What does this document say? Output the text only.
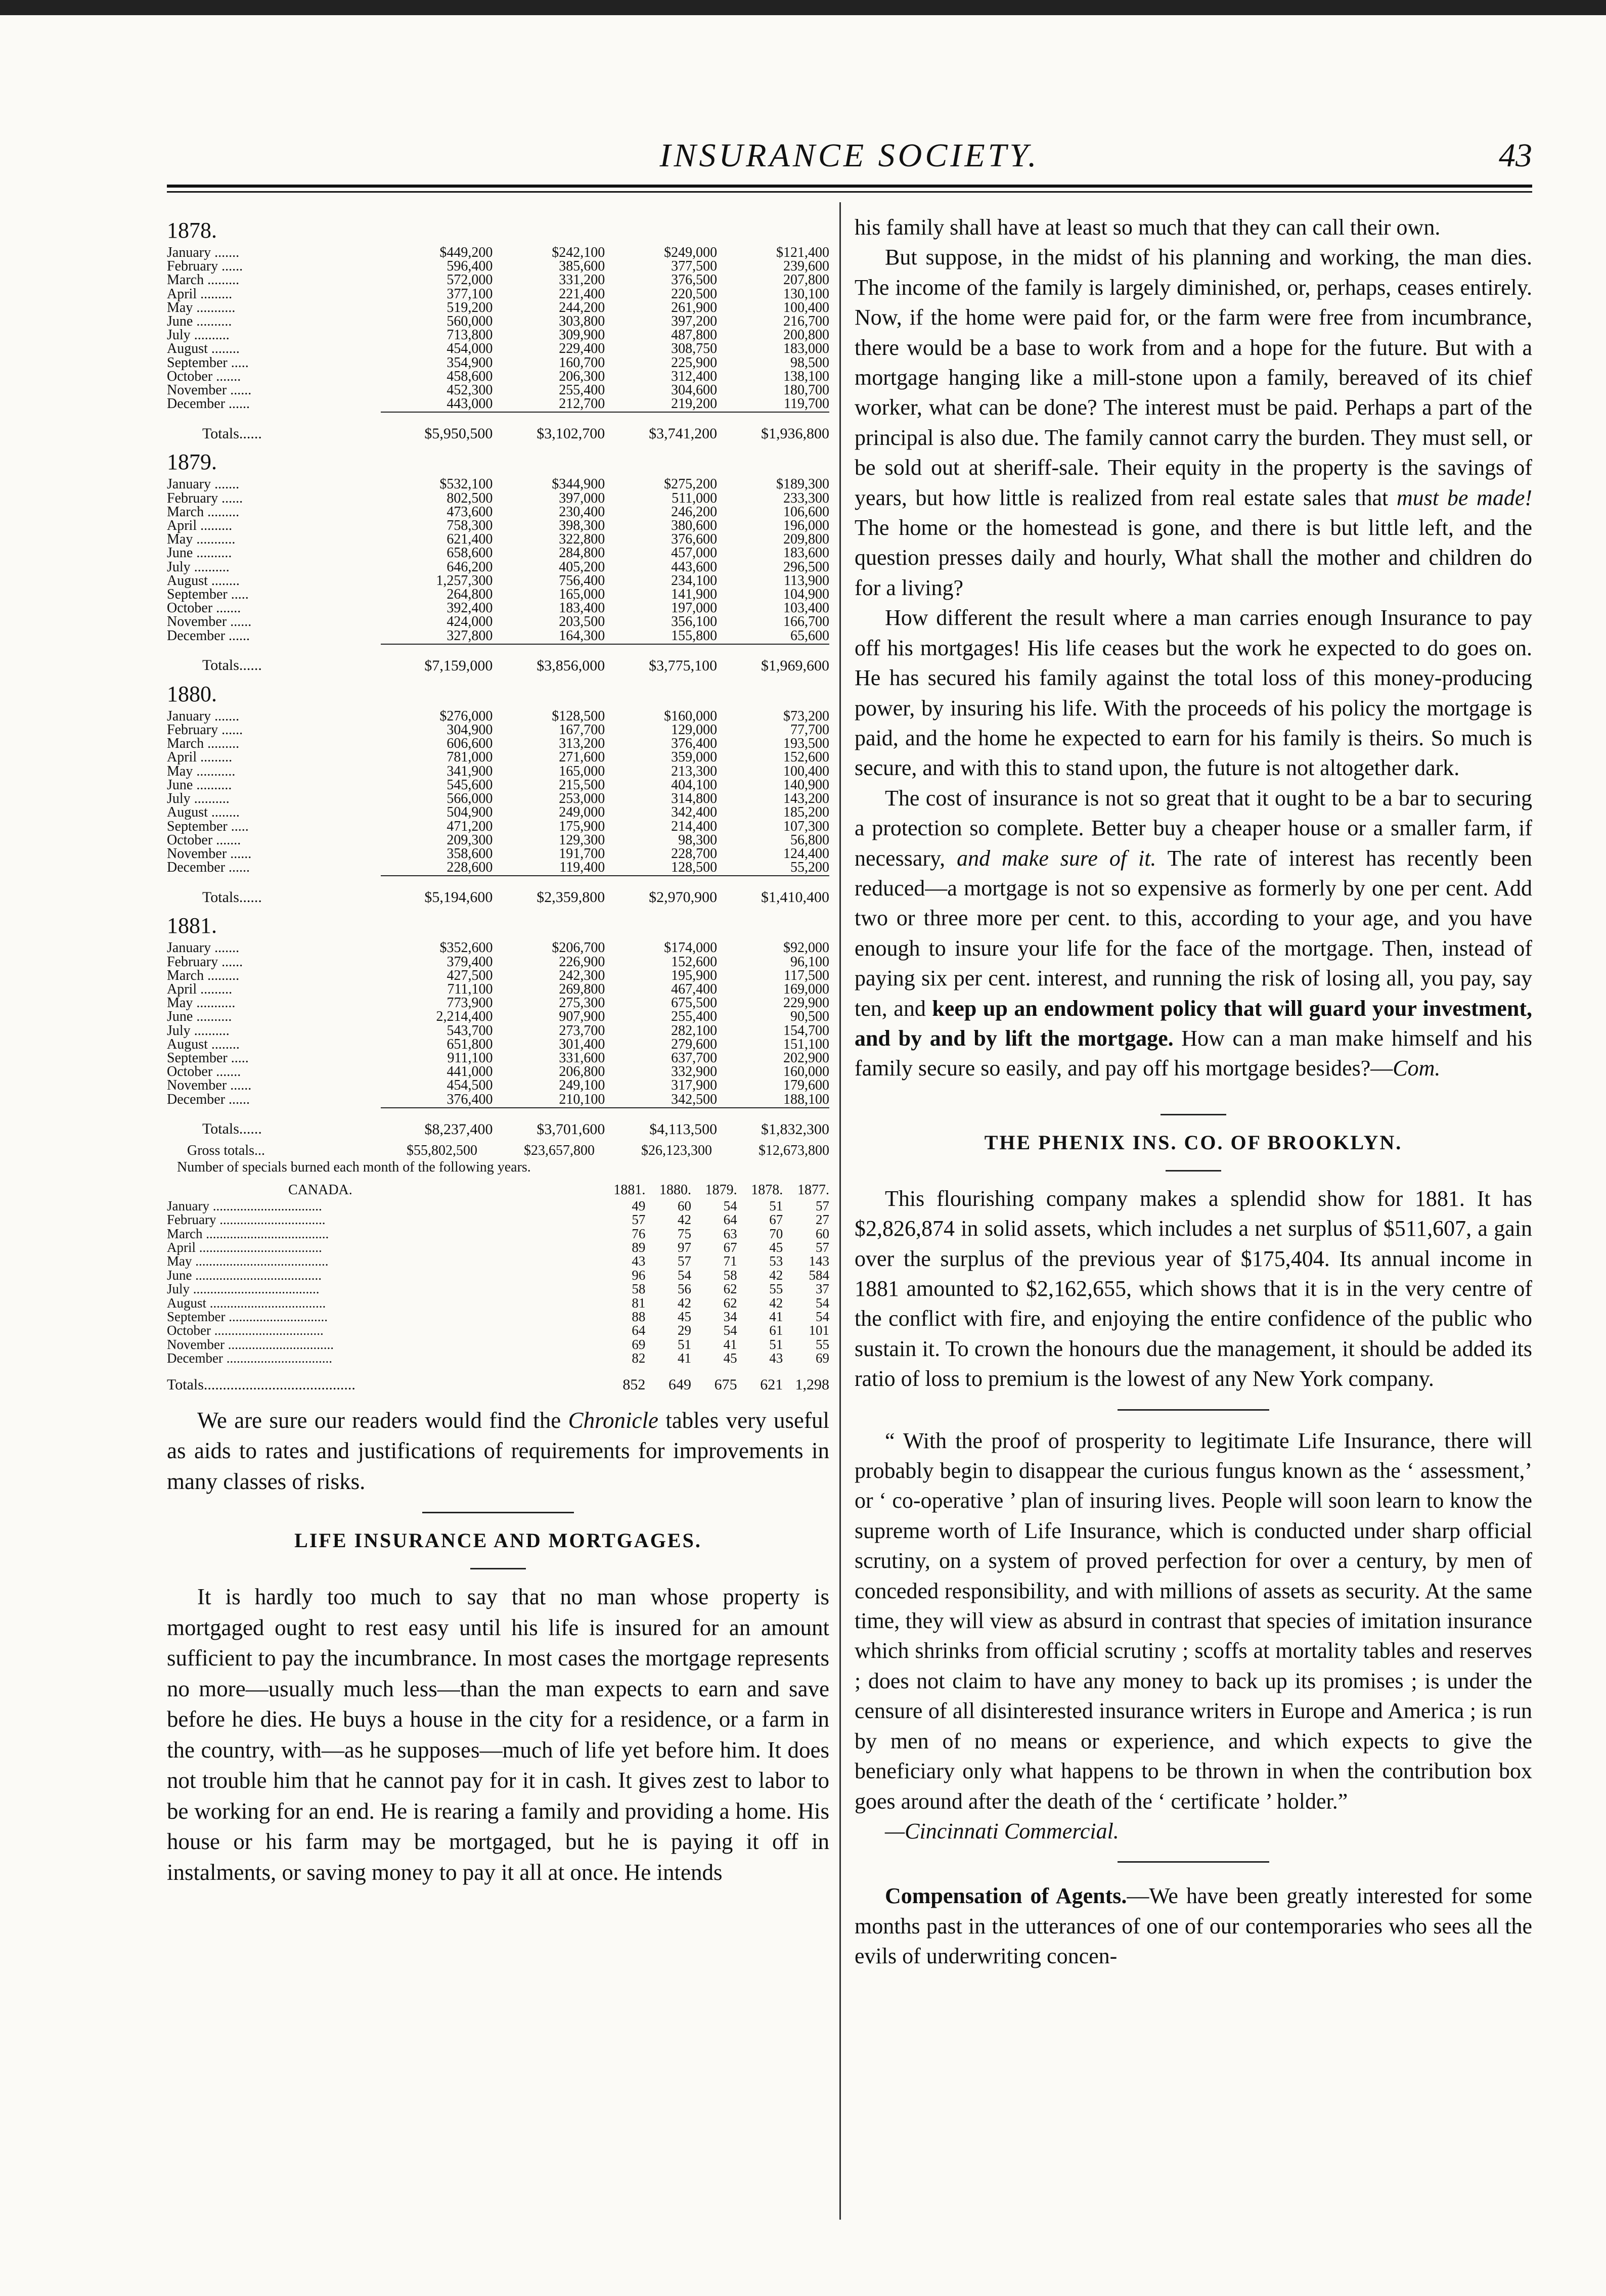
INSURANCE SOCIETY.	43
1878.
January .......	$449,200	$242,100	$249,000	$121,400
February ......	596,400	385,600	377,500	239,600
March .........	572,000	331,200	376,500	207,800
April .........	377,100	221,400	220,500	130,100
May ...........	519,200	244,200	261,900	100,400
June ..........	560,000	303,800	397,200	216,700
July ..........	713,800	309,900	487,800	200,800
August ........	454,000	229,400	308,750	183,000
September .....	354,900	160,700	225,900	98,500
October .......	458,600	206,300	312,400	138,100
November ......	452,300	255,400	304,600	180,700
December ......	443,000	212,700	219,200	119,700

Totals......	$5,950,500	$3,102,700	$3,741,200	$1,936,800
1879.
January .......	$532,100	$344,900	$275,200	$189,300
February ......	802,500	397,000	511,000	233,300
March .........	473,600	230,400	246,200	106,600
April .........	758,300	398,300	380,600	196,000
May ...........	621,400	322,800	376,600	209,800
June ..........	658,600	284,800	457,000	183,600
July ..........	646,200	405,200	443,600	296,500
August ........	1,257,300	756,400	234,100	113,900
September .....	264,800	165,000	141,900	104,900
October .......	392,400	183,400	197,000	103,400
November ......	424,000	203,500	356,100	166,700
December ......	327,800	164,300	155,800	65,600

Totals......	$7,159,000	$3,856,000	$3,775,100	$1,969,600
1880.
January .......	$276,000	$128,500	$160,000	$73,200
February ......	304,900	167,700	129,000	77,700
March .........	606,600	313,200	376,400	193,500
April .........	781,000	271,600	359,000	152,600
May ...........	341,900	165,000	213,300	100,400
June ..........	545,600	215,500	404,100	140,900
July ..........	566,000	253,000	314,800	143,200
August ........	504,900	249,000	342,400	185,200
September .....	471,200	175,900	214,400	107,300
October .......	209,300	129,300	98,300	56,800
November ......	358,600	191,700	228,700	124,400
December ......	228,600	119,400	128,500	55,200

Totals......	$5,194,600	$2,359,800	$2,970,900	$1,410,400
1881.
January .......	$352,600	$206,700	$174,000	$92,000
February ......	379,400	226,900	152,600	96,100
March .........	427,500	242,300	195,900	117,500
April .........	711,100	269,800	467,400	169,000
May ...........	773,900	275,300	675,500	229,900
June ..........	2,214,400	907,900	255,400	90,500
July ..........	543,700	273,700	282,100	154,700
August ........	651,800	301,400	279,600	151,100
September .....	911,100	331,600	637,700	202,900
October .......	441,000	206,800	332,900	160,000
November ......	454,500	249,100	317,900	179,600
December ......	376,400	210,100	342,500	188,100

Totals......	$8,237,400	$3,701,600	$4,113,500	$1,832,300
Gross totals...	$55,802,500	$23,657,800	$26,123,300	$12,673,800
Number of specials burned each month of the following years.
CANADA.	1881.	1880.	1879.	1878.	1877.
January ................................	49	60	54	51	57
February ...............................	57	42	64	67	27
March ....................................	76	75	63	70	60
April ....................................	89	97	67	45	57
May .......................................	43	57	71	53	143
June .....................................	96	54	58	42	584
July .....................................	58	56	62	55	37
August ..................................	81	42	62	42	54
September .............................	88	45	34	41	54
October ................................	64	29	54	61	101
November ...............................	69	51	41	51	55
December ...............................	82	41	45	43	69
Totals........................................	852	649	675	621	1,298
We are sure our readers would find the Chronicle tables very useful as aids to rates and justifications of requirements for improvements in many classes of risks.
LIFE INSURANCE AND MORTGAGES.
It is hardly too much to say that no man whose property is mortgaged ought to rest easy until his life is insured for an amount sufficient to pay the incumbrance. In most cases the mortgage represents no more—usually much less—than the man expects to earn and save before he dies. He buys a house in the city for a residence, or a farm in the country, with—as he supposes—much of life yet before him. It does not trouble him that he cannot pay for it in cash. It gives zest to labor to be working for an end. He is rearing a family and providing a home. His house or his farm may be mortgaged, but he is paying it off in instalments, or saving money to pay it all at once. He intends
his family shall have at least so much that they can call their own.
But suppose, in the midst of his planning and working, the man dies. The income of the family is largely diminished, or, perhaps, ceases entirely. Now, if the home were paid for, or the farm were free from incumbrance, there would be a base to work from and a hope for the future. But with a mortgage hanging like a mill-stone upon a family, bereaved of its chief worker, what can be done? The interest must be paid. Perhaps a part of the principal is also due. The family cannot carry the burden. They must sell, or be sold out at sheriff-sale. Their equity in the property is the savings of years, but how little is realized from real estate sales that must be made! The home or the homestead is gone, and there is but little left, and the question presses daily and hourly, What shall the mother and children do for a living?
How different the result where a man carries enough Insurance to pay off his mortgages! His life ceases but the work he expected to do goes on. He has secured his family against the total loss of this money-producing power, by insuring his life. With the proceeds of his policy the mortgage is paid, and the home he expected to earn for his family is theirs. So much is secure, and with this to stand upon, the future is not altogether dark.
The cost of insurance is not so great that it ought to be a bar to securing a protection so complete. Better buy a cheaper house or a smaller farm, if necessary, and make sure of it. The rate of interest has recently been reduced—a mortgage is not so expensive as formerly by one per cent. Add two or three more per cent. to this, according to your age, and you have enough to insure your life for the face of the mortgage. Then, instead of paying six per cent. interest, and running the risk of losing all, you pay, say ten, and keep up an endowment policy that will guard your investment, and by and by lift the mortgage. How can a man make himself and his family secure so easily, and pay off his mortgage besides?—Com.
THE PHENIX INS. CO. OF BROOKLYN.
This flourishing company makes a splendid show for 1881. It has $2,826,874 in solid assets, which includes a net surplus of $511,607, a gain over the surplus of the previous year of $175,404. Its annual income in 1881 amounted to $2,162,655, which shows that it is in the very centre of the conflict with fire, and enjoying the entire confidence of the public who sustain it. To crown the honours due the management, it should be added its ratio of loss to premium is the lowest of any New York company.
“ With the proof of prosperity to legitimate Life Insurance, there will probably begin to disappear the curious fungus known as the ‘ assessment,’ or ‘ co-operative ’ plan of insuring lives. People will soon learn to know the supreme worth of Life Insurance, which is conducted under sharp official scrutiny, on a system of proved perfection for over a century, by men of conceded responsibility, and with millions of assets as security. At the same time, they will view as absurd in contrast that species of imitation insurance which shrinks from official scrutiny ; scoffs at mortality tables and reserves ; does not claim to have any money to back up its promises ; is under the censure of all disinterested insurance writers in Europe and America ; is run by men of no means or experience, and which expects to give the beneficiary only what happens to be thrown in when the contribution box goes around after the death of the ‘ certificate ’ holder.”
—Cincinnati Commercial.
Compensation of Agents.—We have been greatly interested for some months past in the utterances of one of our contemporaries who sees all the evils of underwriting concen-
